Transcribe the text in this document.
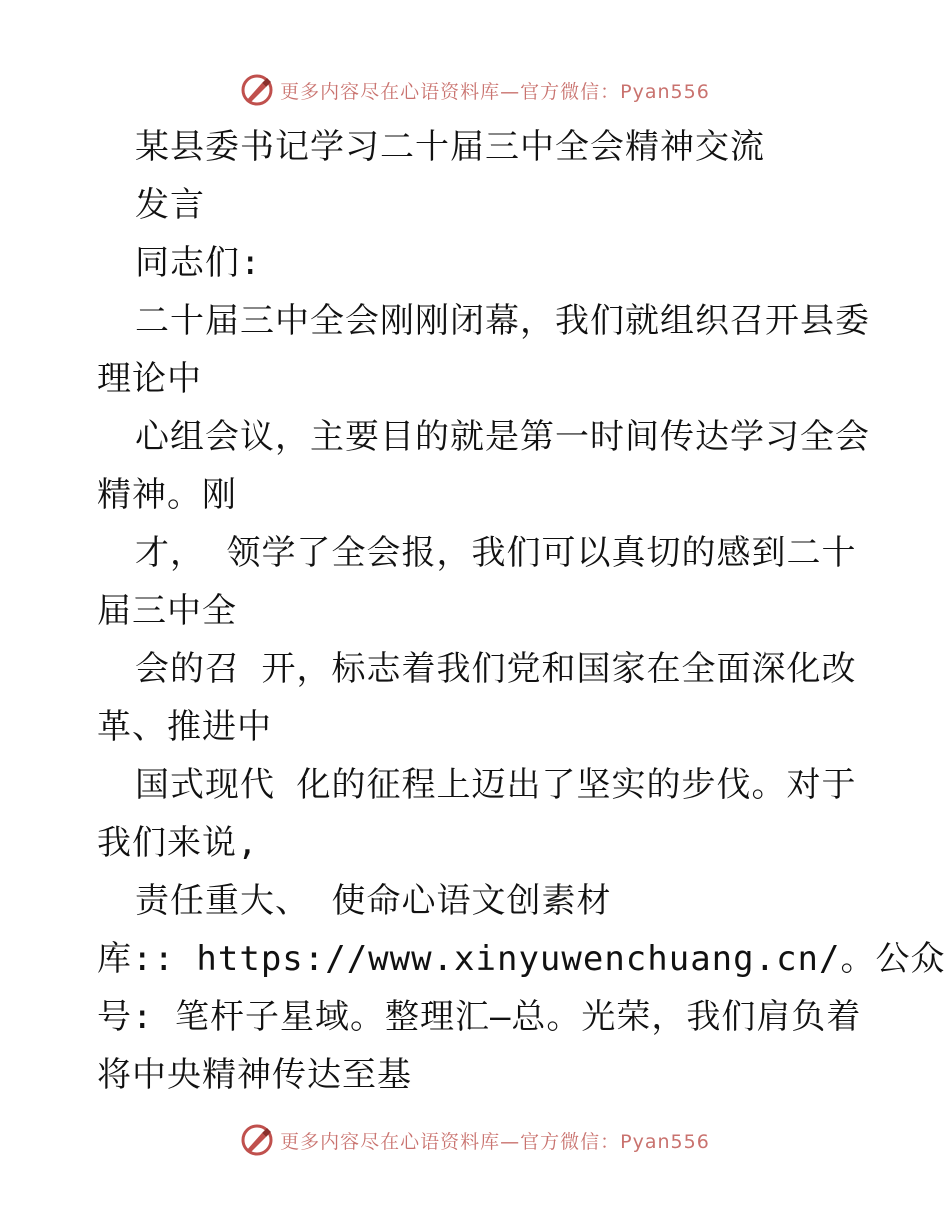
更多内容尽在心语资料库—官方微信：Pyan556
某县委书记学习二十届三中全会精神交流
发言
同志们:
二十届三中全会刚刚闭幕，我们就组织召开县委
理论中
心组会议，主要目的就是第一时间传达学习全会
精神。刚
才， 领学了全会报，我们可以真切的感到二十
届三中全
会的召 开，标志着我们党和国家在全面深化改
革、推进中
国式现代 化的征程上迈出了坚实的步伐。对于
我们来说,
责任重大、 使命心语文创素材
库:: https://www.xinyuwenchuang.cn/。公众
号: 笔杆子星域。整理汇—总。光荣，我们肩负着
将中央精神传达至基
更多内容尽在心语资料库—官方微信：Pyan556
